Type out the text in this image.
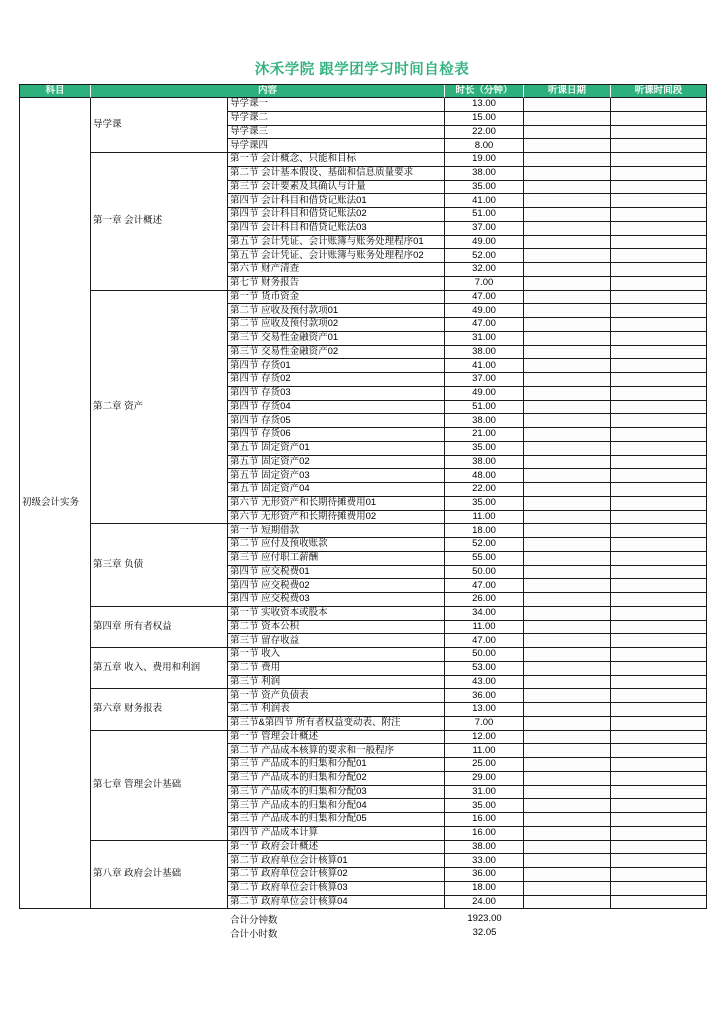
沐禾学院 跟学团学习时间自检表
科目	内容		时长（分钟）	听课日期	听课时间段
初级会计实务	导学课	导学课一	13.00		
		导学课二	15.00		
		导学课三	22.00		
		导学课四	8.00		
	第一章 会计概述	第一节 会计概念、只能和目标	19.00		
		第二节 会计基本假设、基础和信息质量要求	38.00		
		第三节 会计要素及其确认与计量	35.00		
		第四节 会计科目和借贷记账法01	41.00		
		第四节 会计科目和借贷记账法02	51.00		
		第四节 会计科目和借贷记账法03	37.00		
		第五节 会计凭证、会计账簿与账务处理程序01	49.00		
		第五节 会计凭证、会计账簿与账务处理程序02	52.00		
		第六节 财产清查	32.00		
		第七节 财务报告	7.00		
	第二章 资产	第一节 货币资金	47.00		
		第二节 应收及预付款项01	49.00		
		第二节 应收及预付款项02	47.00		
		第三节 交易性金融资产01	31.00		
		第三节 交易性金融资产02	38.00		
		第四节 存货01	41.00		
		第四节 存货02	37.00		
		第四节 存货03	49.00		
		第四节 存货04	51.00		
		第四节 存货05	38.00		
		第四节 存货06	21.00		
		第五节 固定资产01	35.00		
		第五节 固定资产02	38.00		
		第五节 固定资产03	48.00		
		第五节 固定资产04	22.00		
		第六节 无形资产和长期待摊费用01	35.00		
		第六节 无形资产和长期待摊费用02	11.00		
	第三章 负债	第一节 短期借款	18.00		
		第二节 应付及预收账款	52.00		
		第三节 应付职工薪酬	55.00		
		第四节 应交税费01	50.00		
		第四节 应交税费02	47.00		
		第四节 应交税费03	26.00		
	第四章 所有者权益	第一节 实收资本或股本	34.00		
		第二节 资本公积	11.00		
		第三节 留存收益	47.00		
	第五章 收入、费用和利润	第一节 收入	50.00		
		第二节 费用	53.00		
		第三节 利润	43.00		
	第六章 财务报表	第一节 资产负债表	36.00		
		第二节 利润表	13.00		
		第三节&第四节 所有者权益变动表、附注	7.00		
	第七章 管理会计基础	第一节 管理会计概述	12.00		
		第二节 产品成本核算的要求和一般程序	11.00		
		第三节 产品成本的归集和分配01	25.00		
		第三节 产品成本的归集和分配02	29.00		
		第三节 产品成本的归集和分配03	31.00		
		第三节 产品成本的归集和分配04	35.00		
		第三节 产品成本的归集和分配05	16.00		
		第四节 产品成本计算	16.00		
	第八章 政府会计基础	第一节 政府会计概述	38.00		
		第二节 政府单位会计核算01	33.00		
		第二节 政府单位会计核算02	36.00		
		第二节 政府单位会计核算03	18.00		
		第二节 政府单位会计核算04	24.00		
合计分钟数	1923.00
合计小时数	32.05
